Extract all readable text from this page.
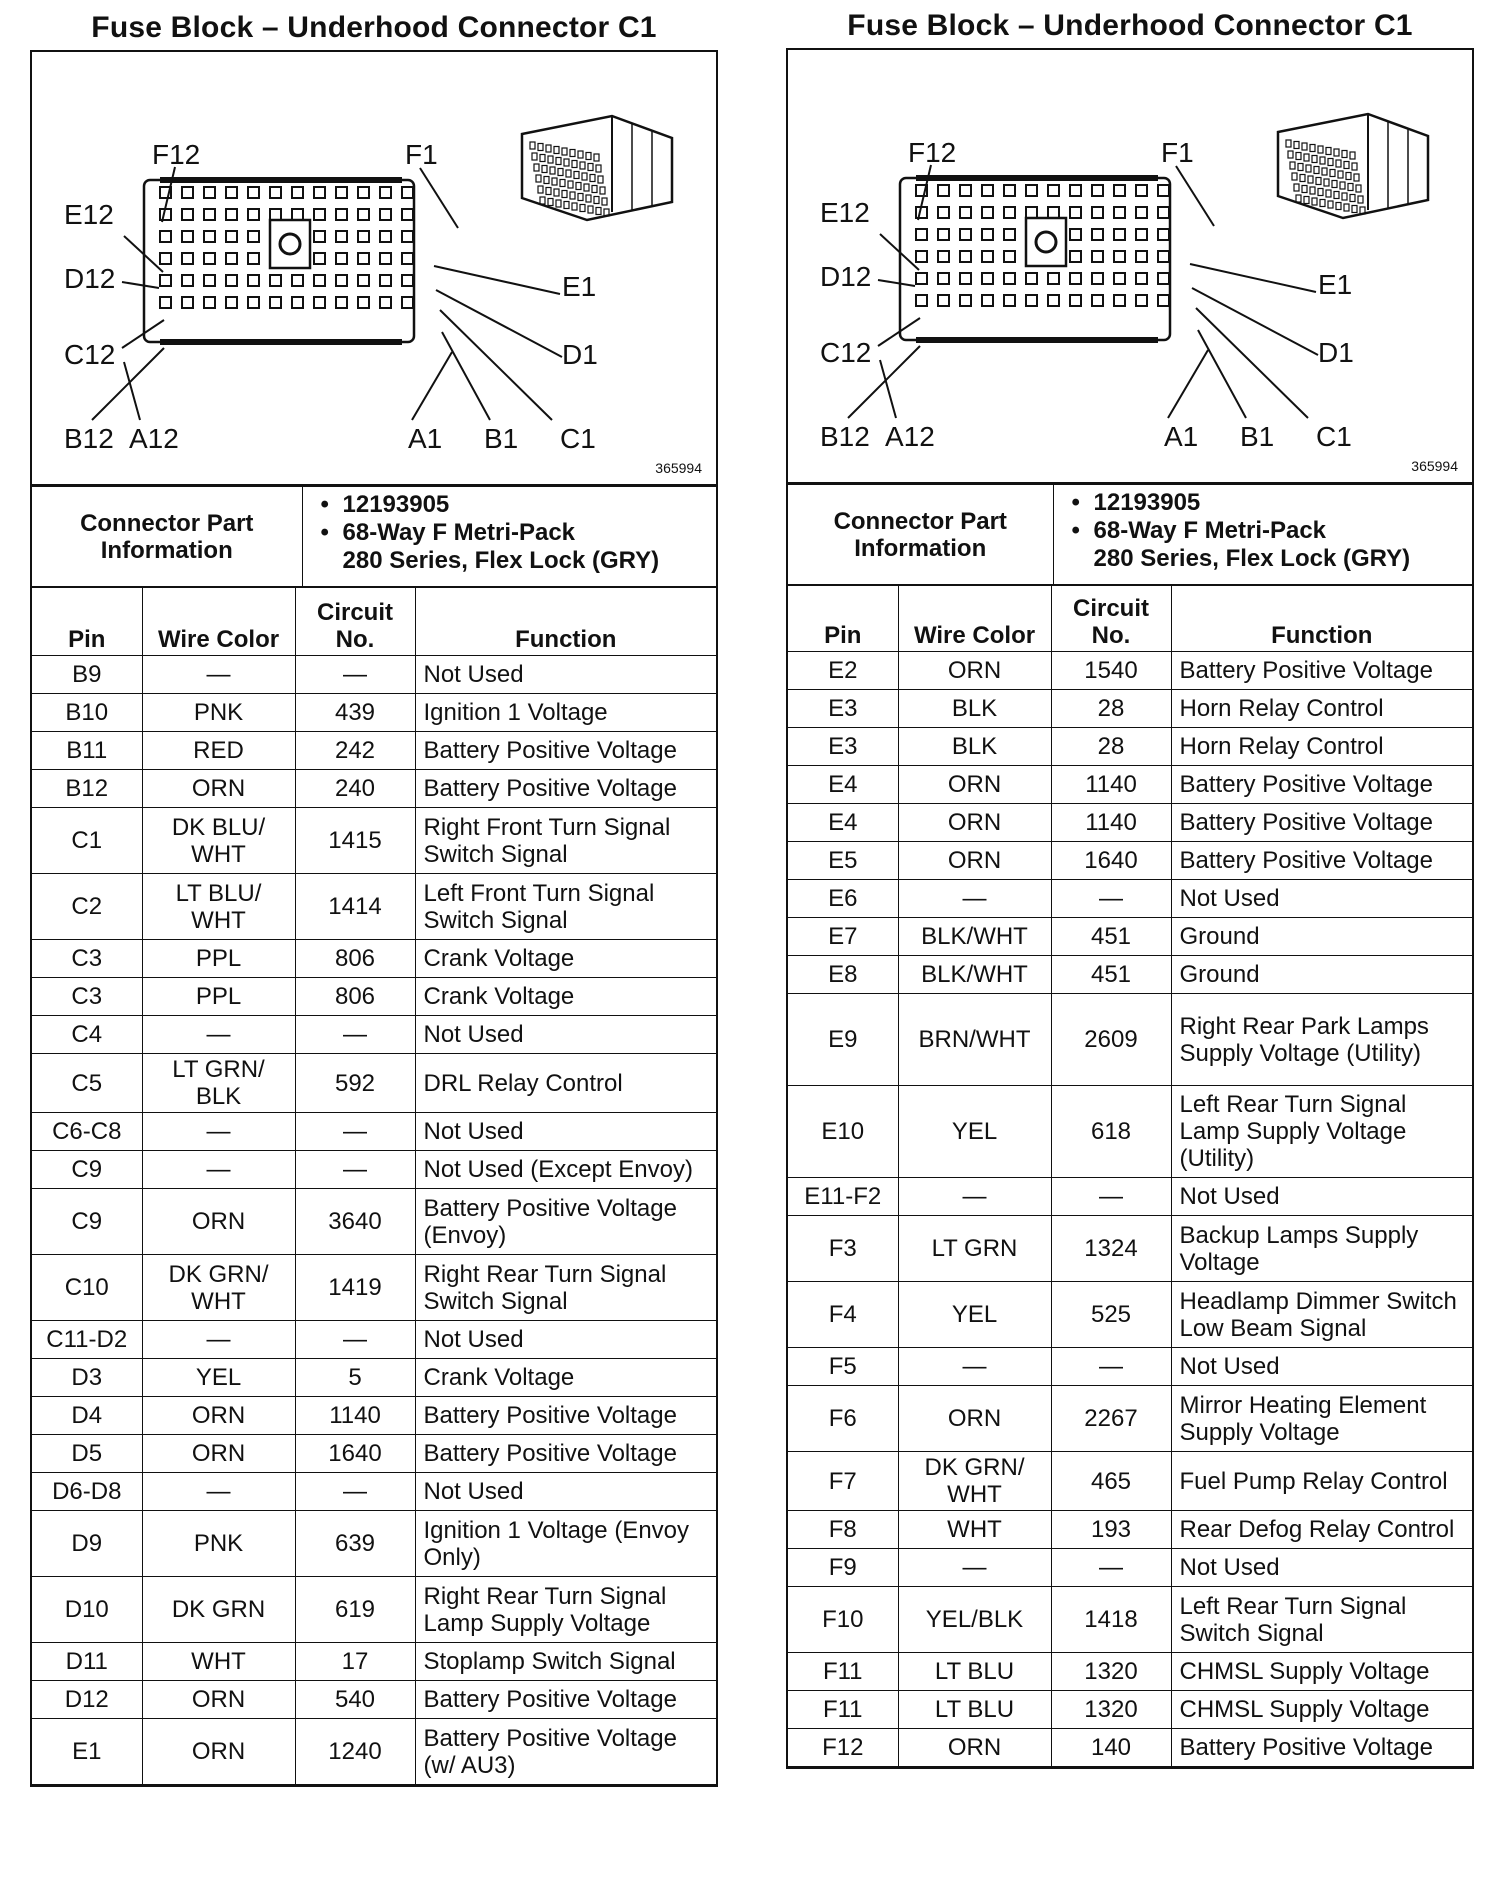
Fuse Block – Underhood Connector C1
F12	F1
E12
E1
D12
D1
C12
B12 A12	A1 B1 C1
365994
Connector Part Information	
• 12193905
• 68-Way F Metri-Pack
280 Series, Flex Lock (GRY)
Pin	Wire Color	Circuit No.	Function
B9	—	—	Not Used
B10	PNK	439	Ignition 1 Voltage
B11	RED	242	Battery Positive Voltage
B12	ORN	240	Battery Positive Voltage
C1	DK BLU/ WHT	1415	Right Front Turn Signal Switch Signal
C2	LT BLU/ WHT	1414	Left Front Turn Signal Switch Signal
C3	PPL	806	Crank Voltage
C3	PPL	806	Crank Voltage
C4	—	—	Not Used
C5	LT GRN/ BLK	592	DRL Relay Control
C6-C8	—	—	Not Used
C9	—	—	Not Used (Except Envoy)
C9	ORN	3640	Battery Positive Voltage (Envoy)
C10	DK GRN/ WHT	1419	Right Rear Turn Signal Switch Signal
C11-D2	—	—	Not Used
D3	YEL	5	Crank Voltage
D4	ORN	1140	Battery Positive Voltage
D5	ORN	1640	Battery Positive Voltage
D6-D8	—	—	Not Used
D9	PNK	639	Ignition 1 Voltage (Envoy Only)
D10	DK GRN	619	Right Rear Turn Signal Lamp Supply Voltage
D11	WHT	17	Stoplamp Switch Signal
D12	ORN	540	Battery Positive Voltage
E1	ORN	1240	Battery Positive Voltage (w/ AU3)
Fuse Block – Underhood Connector C1
F12	F1
E12
E1
D12
D1
C12
B12 A12	A1 B1 C1
365994
Connector Part Information	
• 12193905
• 68-Way F Metri-Pack
280 Series, Flex Lock (GRY)
Pin	Wire Color	Circuit No.	Function
E2	ORN	1540	Battery Positive Voltage
E3	BLK	28	Horn Relay Control
E3	BLK	28	Horn Relay Control
E4	ORN	1140	Battery Positive Voltage
E4	ORN	1140	Battery Positive Voltage
E5	ORN	1640	Battery Positive Voltage
E6	—	—	Not Used
E7	BLK/WHT	451	Ground
E8	BLK/WHT	451	Ground
E9	BRN/WHT	2609	Right Rear Park Lamps Supply Voltage (Utility)
E10	YEL	618	Left Rear Turn Signal Lamp Supply Voltage (Utility)
E11-F2	—	—	Not Used
F3	LT GRN	1324	Backup Lamps Supply Voltage
F4	YEL	525	Headlamp Dimmer Switch Low Beam Signal
F5	—	—	Not Used
F6	ORN	2267	Mirror Heating Element Supply Voltage
F7	DK GRN/ WHT	465	Fuel Pump Relay Control
F8	WHT	193	Rear Defog Relay Control
F9	—	—	Not Used
F10	YEL/BLK	1418	Left Rear Turn Signal Switch Signal
F11	LT BLU	1320	CHMSL Supply Voltage
F11	LT BLU	1320	CHMSL Supply Voltage
F12	ORN	140	Battery Positive Voltage
